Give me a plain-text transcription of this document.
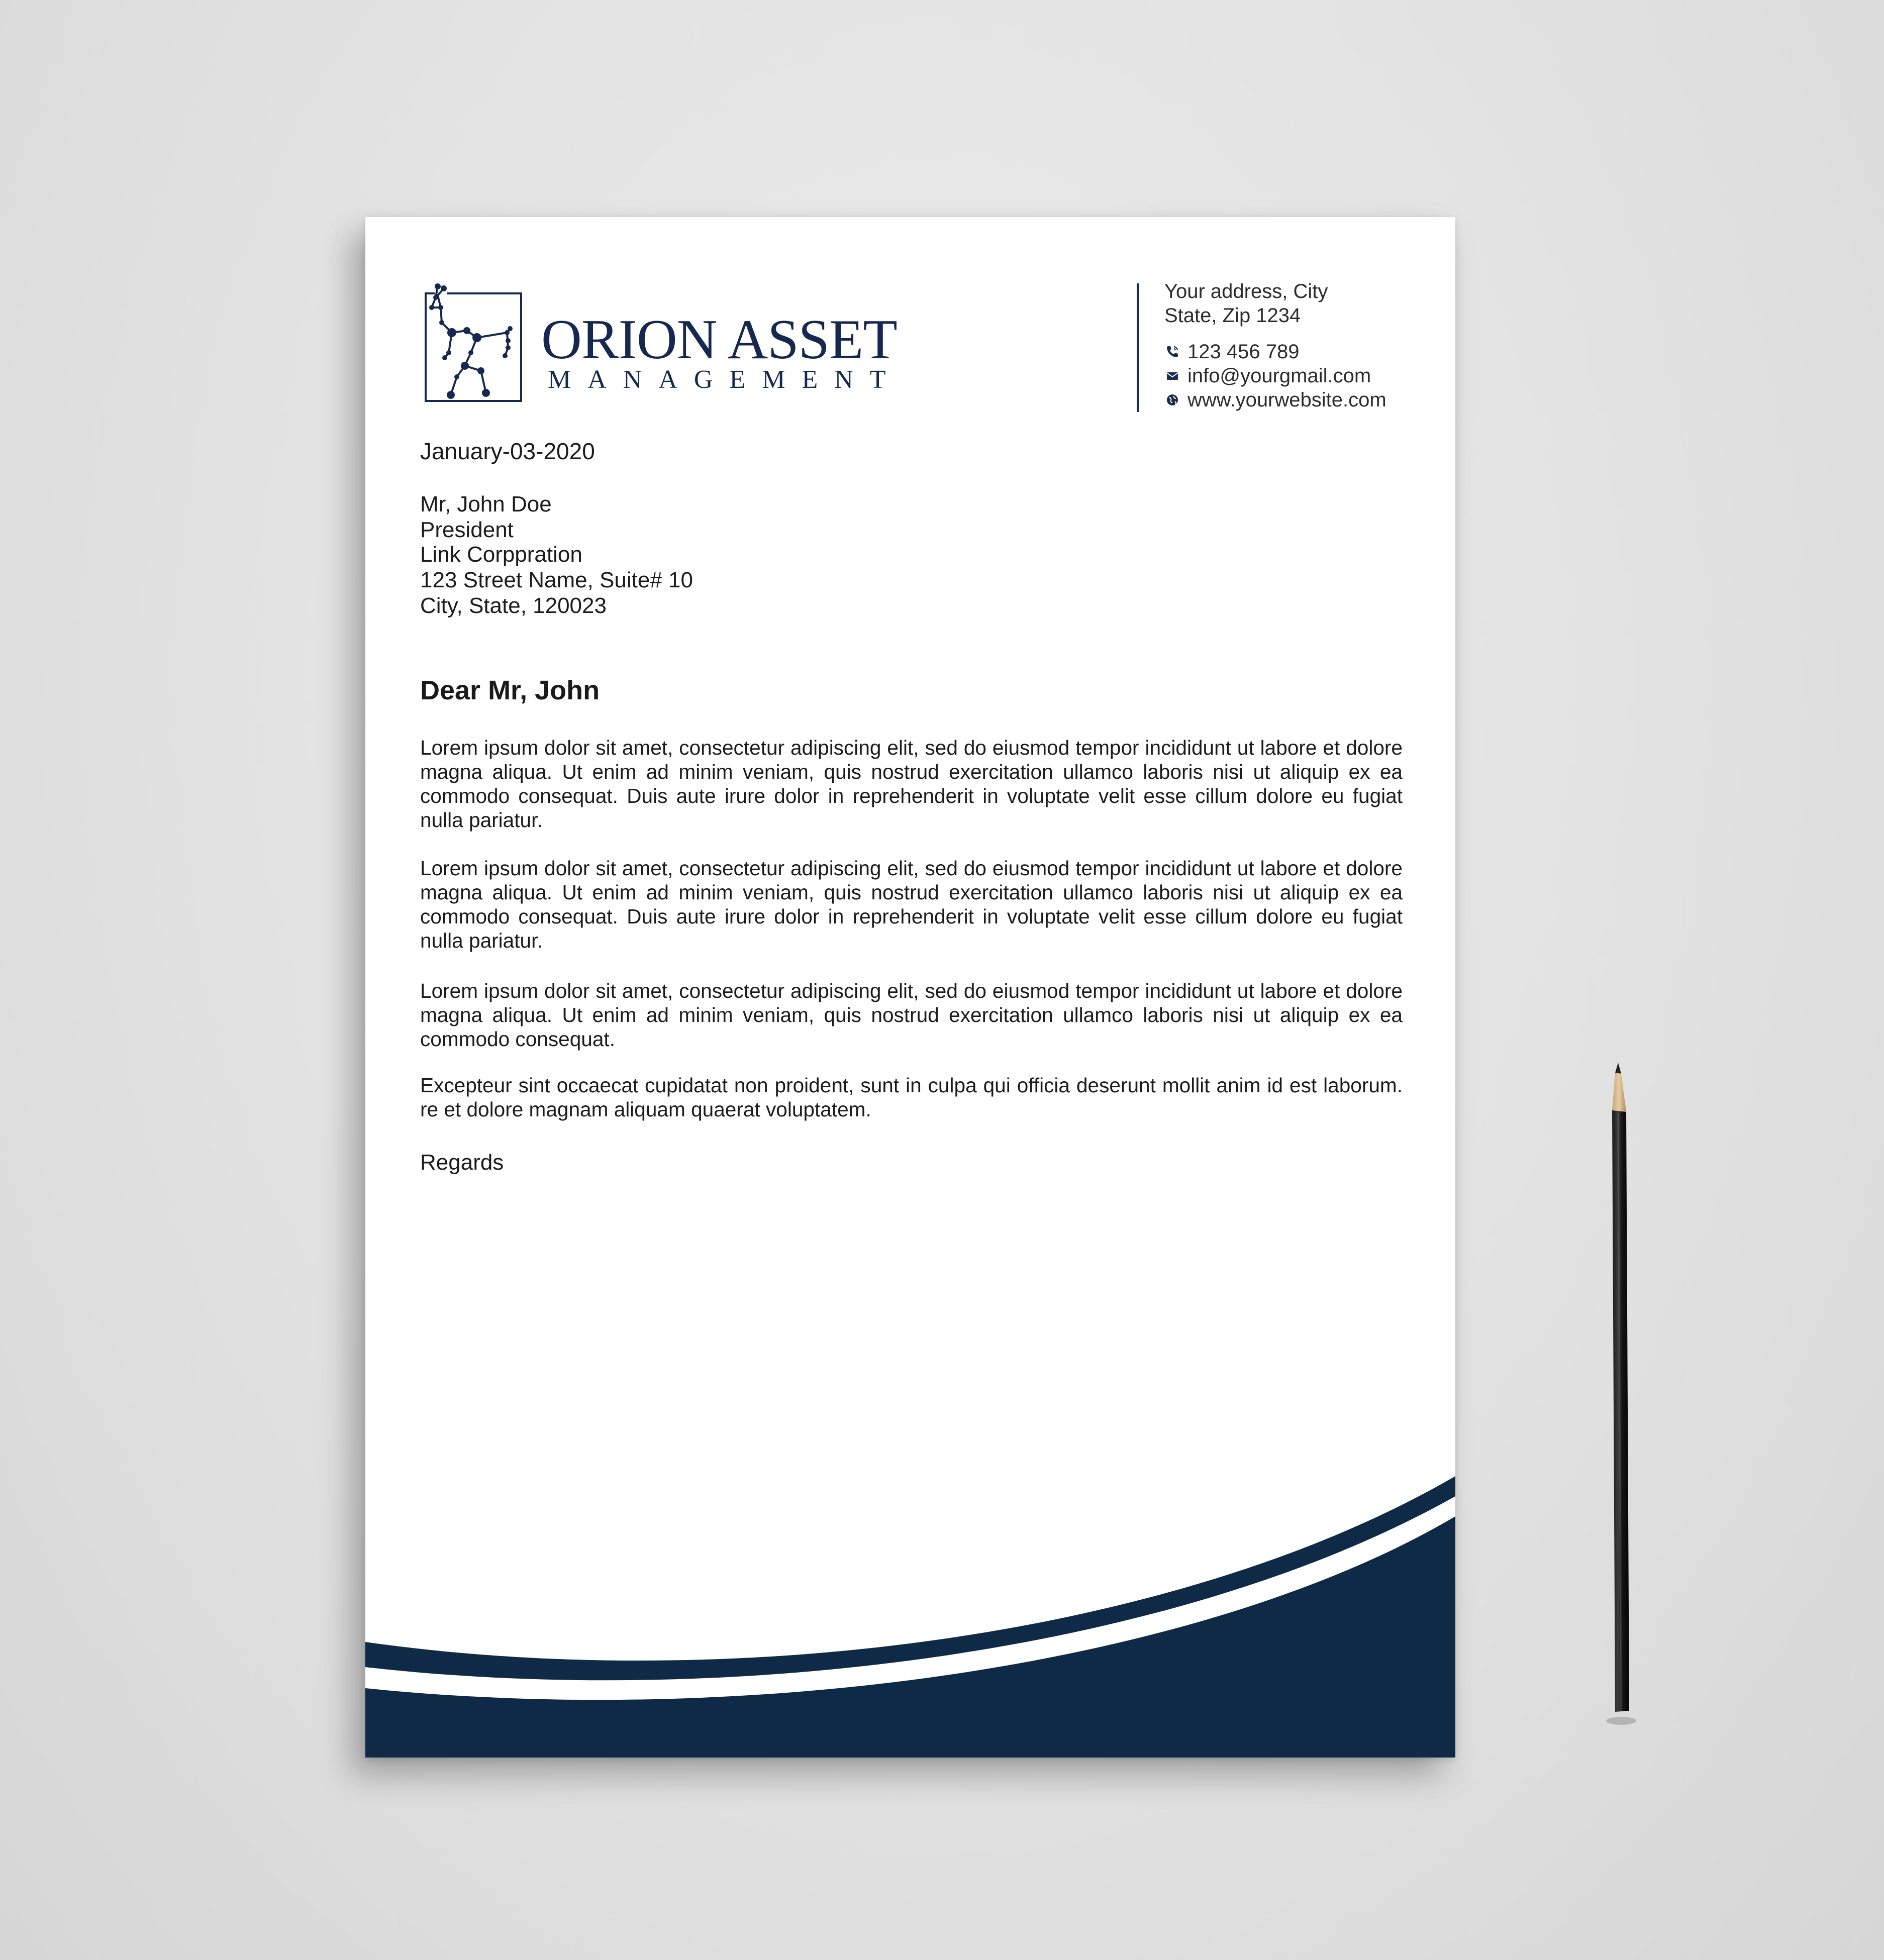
ORION ASSET
MANAGEMENT
Your address, City
State, Zip 1234
123 456 789
info@yourgmail.com
www.yourwebsite.com
January-03-2020
Mr, John Doe
President
Link Corppration
123 Street Name, Suite# 10
City, State, 120023
Dear Mr, John

Lorem ipsum dolor sit amet, consectetur adipiscing elit, sed do eiusmod tempor incididunt ut labore et dolore magna aliqua. Ut enim ad minim veniam, quis nostrud exercitation ullamco laboris nisi ut aliquip ex ea commodo consequat. Duis aute irure dolor in reprehenderit in voluptate velit esse cillum dolore eu fugiat nulla pariatur.

Lorem ipsum dolor sit amet, consectetur adipiscing elit, sed do eiusmod tempor incididunt ut labore et dolore magna aliqua. Ut enim ad minim veniam, quis nostrud exercitation ullamco laboris nisi ut aliquip ex ea commodo consequat. Duis aute irure dolor in reprehenderit in voluptate velit esse cillum dolore eu fugiat nulla pariatur.

Lorem ipsum dolor sit amet, consectetur adipiscing elit, sed do eiusmod tempor incididunt ut labore et dolore magna aliqua. Ut enim ad minim veniam, quis nostrud exercitation ullamco laboris nisi ut aliquip ex ea commodo consequat.

Excepteur sint occaecat cupidatat non proident, sunt in culpa qui officia deserunt mollit anim id est laborum. re et dolore magnam aliquam quaerat voluptatem.

Regards
